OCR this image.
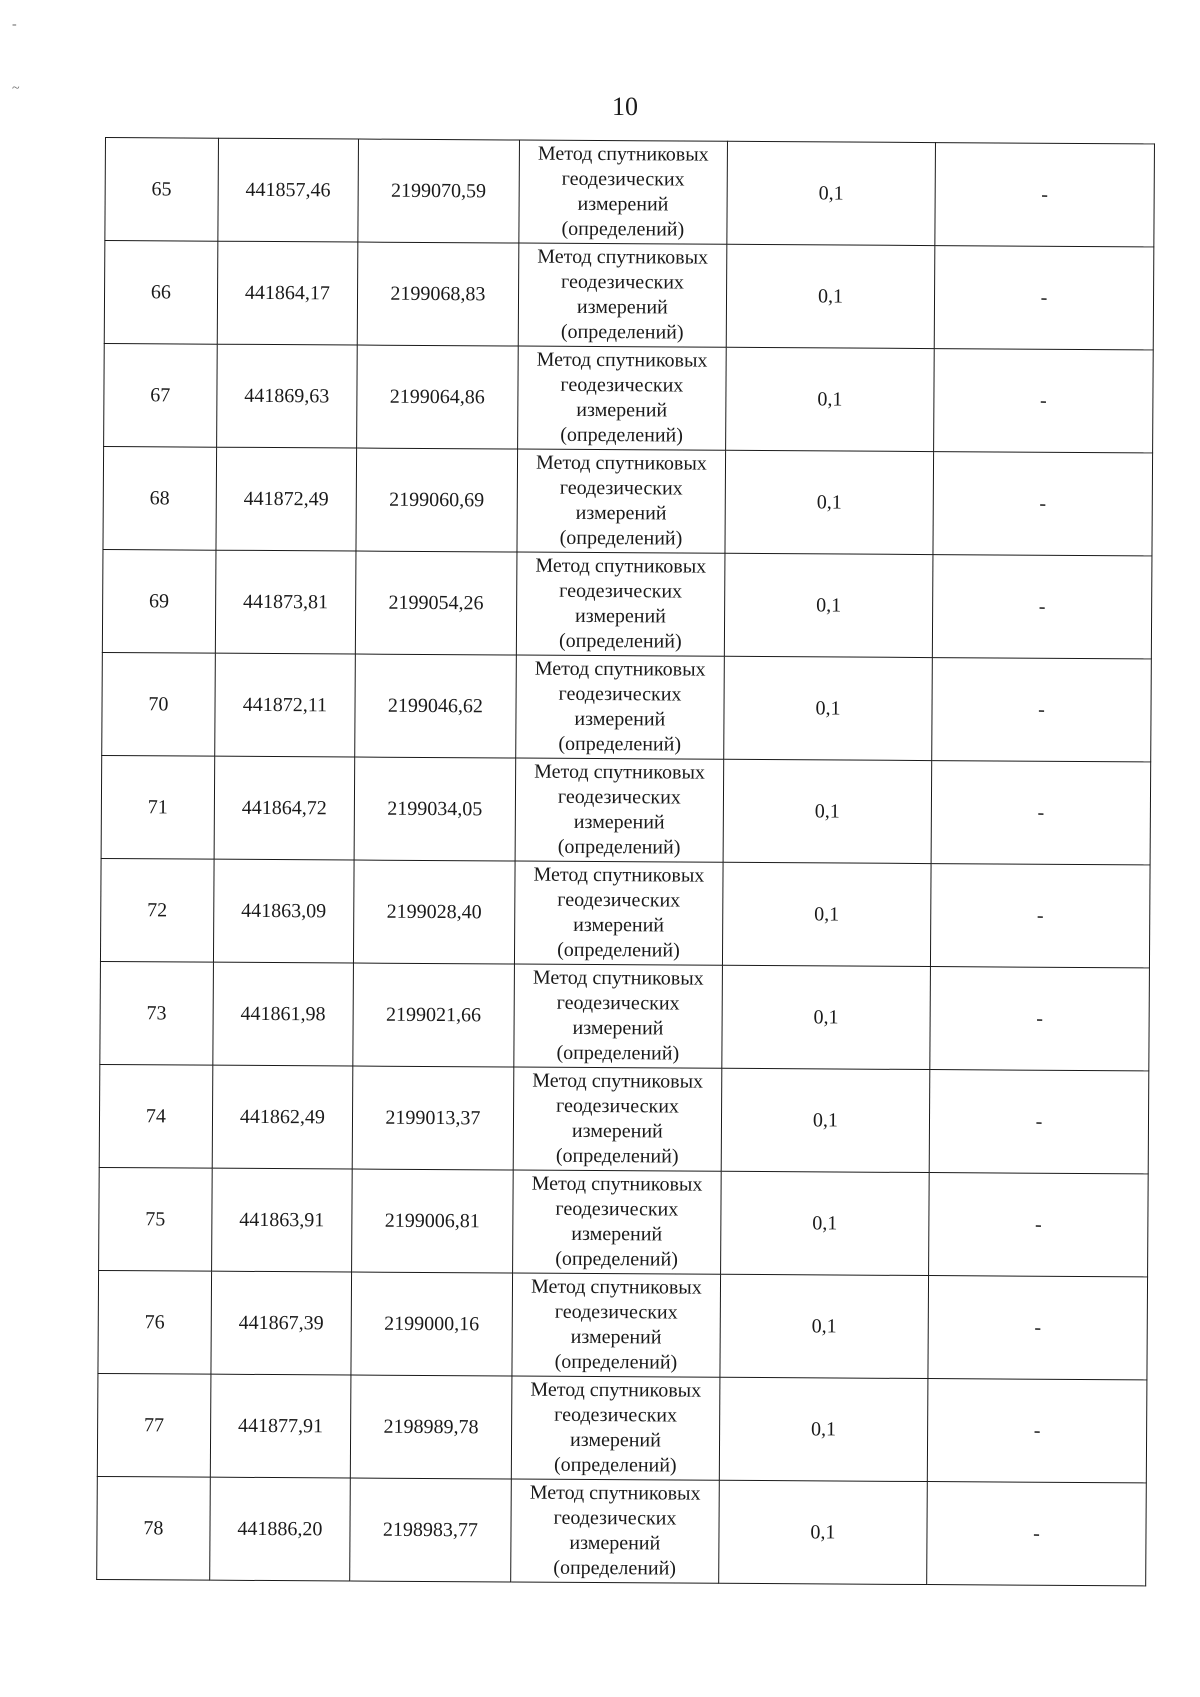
-
~
10
65	441857,46	2199070,59	Метод спутниковых
геодезических
измерений
(определений)	0,1	-
66	441864,17	2199068,83	Метод спутниковых
геодезических
измерений
(определений)	0,1	-
67	441869,63	2199064,86	Метод спутниковых
геодезических
измерений
(определений)	0,1	-
68	441872,49	2199060,69	Метод спутниковых
геодезических
измерений
(определений)	0,1	-
69	441873,81	2199054,26	Метод спутниковых
геодезических
измерений
(определений)	0,1	-
70	441872,11	2199046,62	Метод спутниковых
геодезических
измерений
(определений)	0,1	-
71	441864,72	2199034,05	Метод спутниковых
геодезических
измерений
(определений)	0,1	-
72	441863,09	2199028,40	Метод спутниковых
геодезических
измерений
(определений)	0,1	-
73	441861,98	2199021,66	Метод спутниковых
геодезических
измерений
(определений)	0,1	-
74	441862,49	2199013,37	Метод спутниковых
геодезических
измерений
(определений)	0,1	-
75	441863,91	2199006,81	Метод спутниковых
геодезических
измерений
(определений)	0,1	-
76	441867,39	2199000,16	Метод спутниковых
геодезических
измерений
(определений)	0,1	-
77	441877,91	2198989,78	Метод спутниковых
геодезических
измерений
(определений)	0,1	-
78	441886,20	2198983,77	Метод спутниковых
геодезических
измерений
(определений)	0,1	-
